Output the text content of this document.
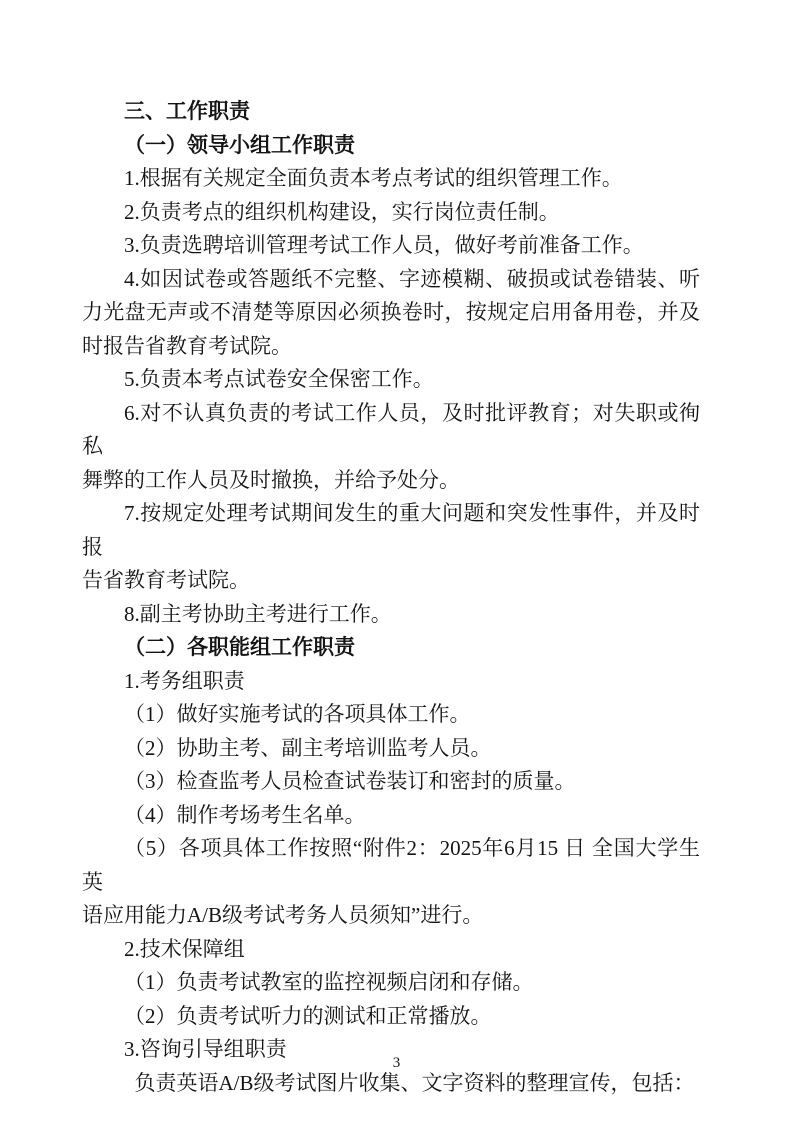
三、工作职责
（一）领导小组工作职责
1.根据有关规定全面负责本考点考试的组织管理工作。
2.负责考点的组织机构建设，实行岗位责任制。
3.负责选聘培训管理考试工作人员，做好考前准备工作。
4.如因试卷或答题纸不完整、字迹模糊、破损或试卷错装、听
力光盘无声或不清楚等原因必须换卷时，按规定启用备用卷，并及
时报告省教育考试院。
5.负责本考点试卷安全保密工作。
6.对不认真负责的考试工作人员，及时批评教育；对失职或徇私
舞弊的工作人员及时撤换，并给予处分。
7.按规定处理考试期间发生的重大问题和突发性事件，并及时报
告省教育考试院。
8.副主考协助主考进行工作。
（二）各职能组工作职责
1.考务组职责
（1）做好实施考试的各项具体工作。
（2）协助主考、副主考培训监考人员。
（3）检查监考人员检查试卷装订和密封的质量。
（4）制作考场考生名单。
（5）各项具体工作按照“附件2：2025年6月15 日 全国大学生英
语应用能力A/B级考试考务人员须知”进行。
2.技术保障组
（1）负责考试教室的监控视频启闭和存储。
（2）负责考试听力的测试和正常播放。
3.咨询引导组职责
负责英语A/B级考试图片收集、文字资料的整理宣传，包括：
3
